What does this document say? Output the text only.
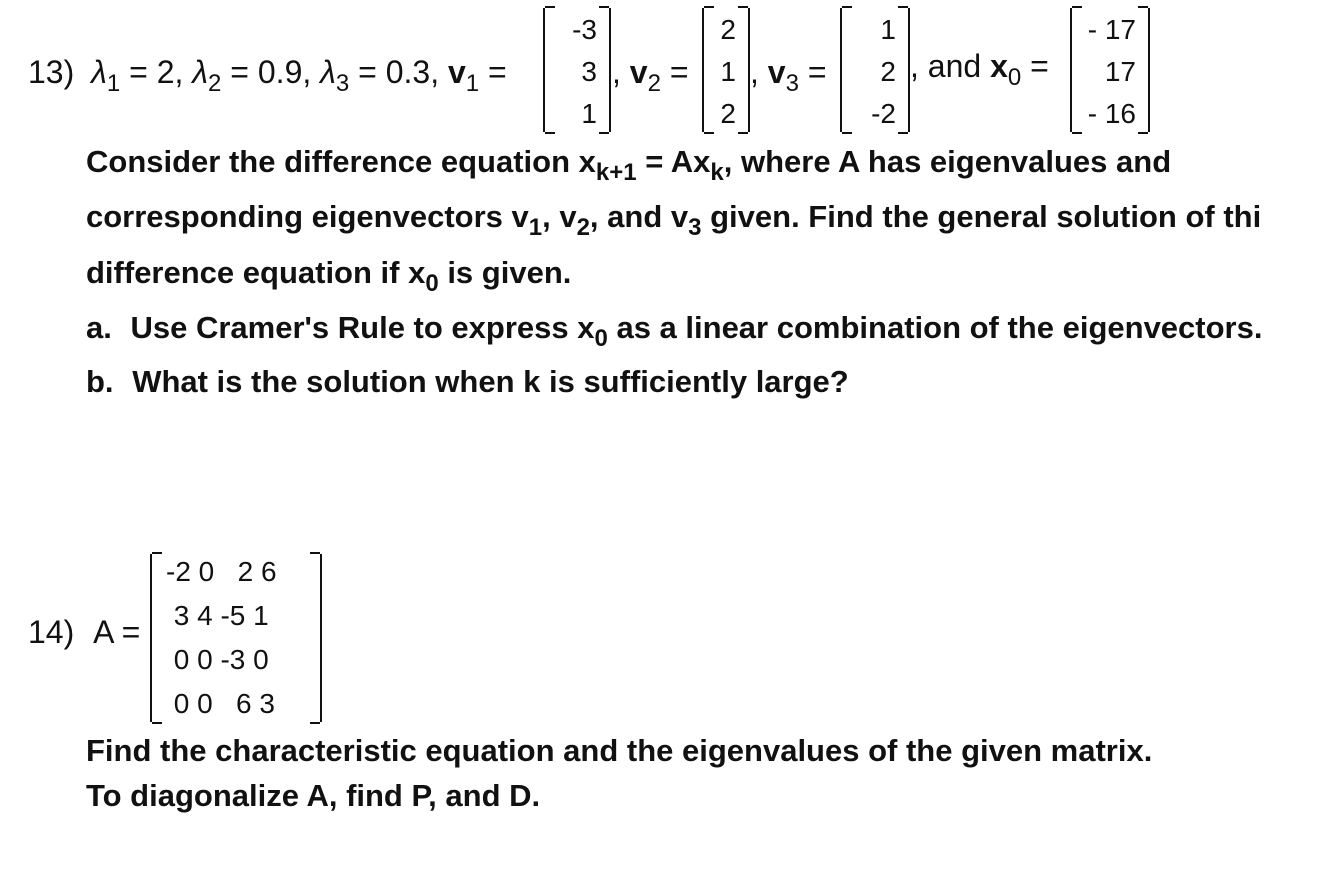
13) $\lambda_1 = 2$, $\lambda_2 = 0.9$, $\lambda_3 = 0.3$, $v_1$ =
-3
3
1
, $v_2$ =
2
1
2
, $v_3$ =
1
2
-2
, and $x_0$ =
- 17
17
- 16
Consider the difference equation $x_{k+1} = Ax_k$, where A has eigenvalues and
corresponding eigenvectors $v_1$, $v_2$, and $v_3$ given. Find the general solution of thi
difference equation if $x_0$ is given.
a. Use Cramer's Rule to express $x_0$ as a linear combination of the eigenvectors.
b. What is the solution when k is sufficiently large?
14) A =
-2 0   2 6
3 4 -5 1
0 0 -3 0
0 0   6 3
Find the characteristic equation and the eigenvalues of the given matrix.
To diagonalize A, find P, and D.
